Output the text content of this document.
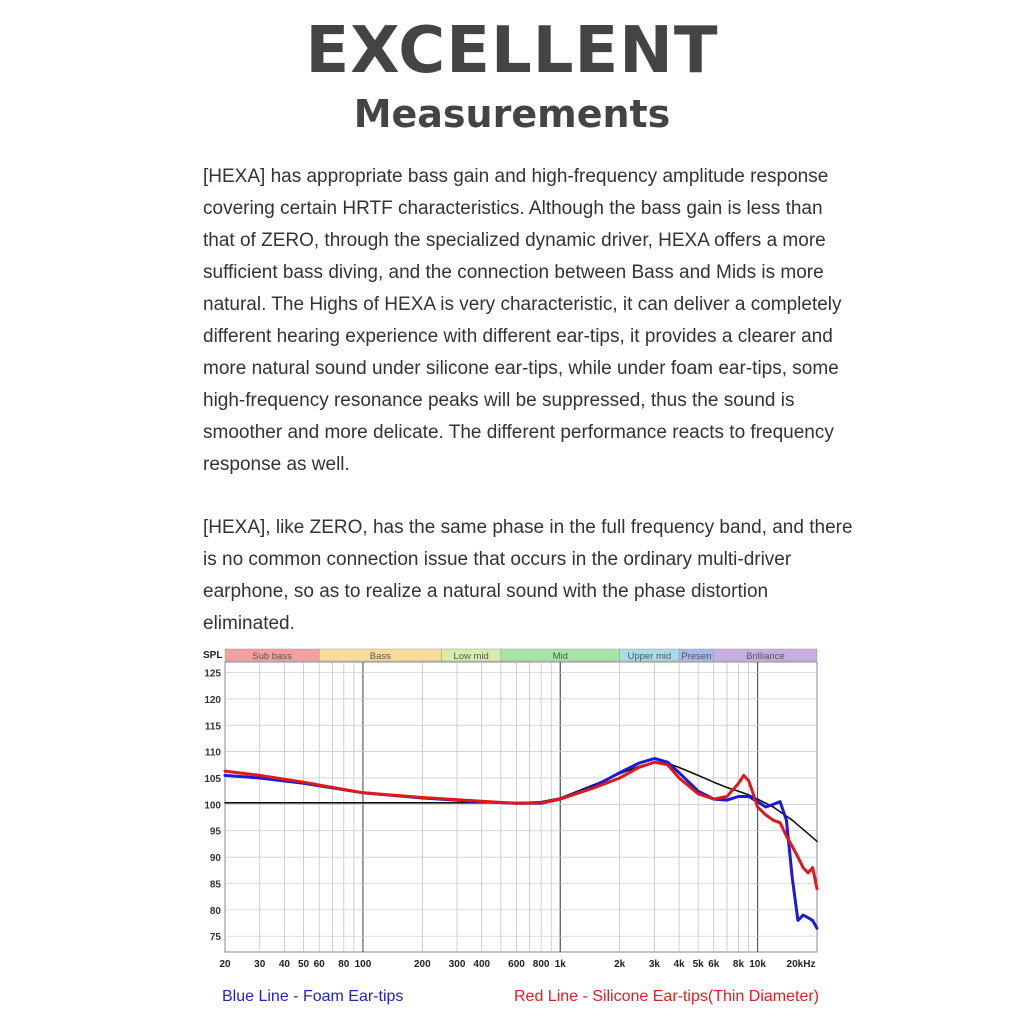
EXCELLENT
Measurements

[HEXA] has appropriate bass gain and high-frequency amplitude response covering certain HRTF characteristics. Although the bass gain is less than that of ZERO, through the specialized dynamic driver, HEXA offers a more sufficient bass diving, and the connection between Bass and Mids is more natural. The Highs of HEXA is very characteristic, it can deliver a completely different hearing experience with different ear-tips, it provides a clearer and more natural sound under silicone ear-tips, while under foam ear-tips, some high-frequency resonance peaks will be suppressed, thus the sound is smoother and more delicate. The different performance reacts to frequency response as well.

[HEXA], like ZERO, has the same phase in the full frequency band, and there is no common connection issue that occurs in the ordinary multi-driver earphone, so as to realize a natural sound with the phase distortion eliminated.

Sub bass	Bass	Low mid	Mid	Upper mid Presen	Brilliance
75
80
85
90
95
100
105
110
115
120
125
20 30 40 50 60 80 100	200 300 400 600 800 1k	2k 3k 4k 5k 6k 8k 10k 20kHz
SPL
Blue Line - Foam Ear-tips	Red Line - Silicone Ear-tips(Thin Diameter)
